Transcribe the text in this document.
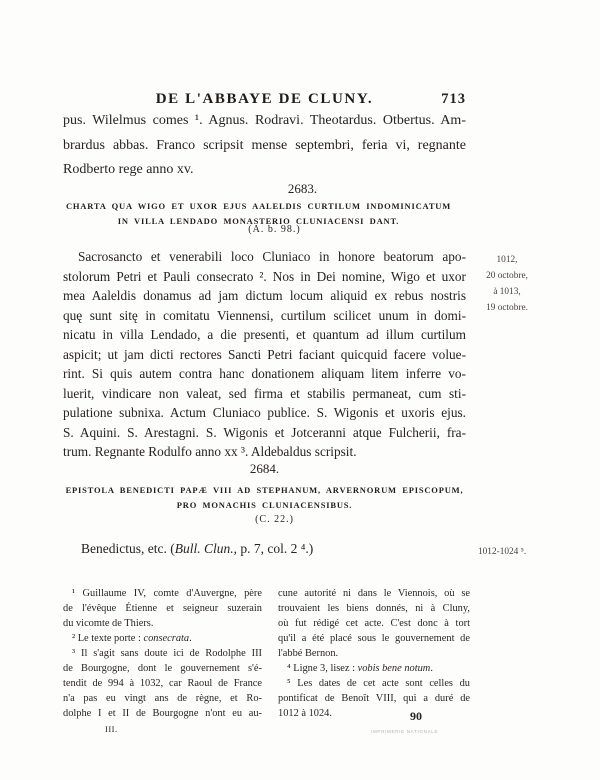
DE L'ABBAYE DE CLUNY.	713
pus. Wilelmus comes ¹. Agnus. Rodravi. Theotardus. Otbertus. Am-
brardus abbas. Franco scripsit mense septembri, feria vi, regnante
Rodberto rege anno xv.
2683.
CHARTA QUA WIGO ET UXOR EJUS AALELDIS CURTILUM INDOMINICATUM
IN VILLA LENDADO MONASTERIO CLUNIACENSI DANT.
(A. b. 98.)
1012,
20 octobre,
à 1013,
19 octobre.
Sacrosancto et venerabili loco Cluniaco in honore beatorum apo-
stolorum Petri et Pauli consecrato ². Nos in Dei nomine, Wigo et uxor
mea Aaleldis donamus ad jam dictum locum aliquid ex rebus nostris
quę sunt sitę in comitatu Viennensi, curtilum scilicet unum in domi-
nicatu in villa Lendado, a die presenti, et quantum ad illum curtilum
aspicit; ut jam dicti rectores Sancti Petri faciant quicquid facere volue-
rint. Si quis autem contra hanc donationem aliquam litem inferre vo-
luerit, vindicare non valeat, sed firma et stabilis permaneat, cum sti-
pulatione subnixa. Actum Cluniaco publice. S. Wigonis et uxoris ejus.
S. Aquini. S. Arestagni. S. Wigonis et Jotceranni atque Fulcherii, fra-
trum. Regnante Rodulfo anno xx ³. Aldebaldus scripsit.
2684.
EPISTOLA BENEDICTI PAPÆ VIII AD STEPHANUM, ARVERNORUM EPISCOPUM,
PRO MONACHIS CLUNIACENSIBUS.
(C. 22.)
Benedictus, etc. (Bull. Clun., p. 7, col. 2 ⁴.)	1012-1024 ⁵.
¹ Guillaume IV, comte d'Auvergne, père
de l'évêque Étienne et seigneur suzerain
du vicomte de Thiers.
² Le texte porte : consecrata.
³ Il s'agit sans doute ici de Rodolphe III
de Bourgogne, dont le gouvernement s'é-
tendit de 994 à 1032, car Raoul de France
n'a pas eu vingt ans de règne, et Ro-
dolphe I et II de Bourgogne n'ont eu au-
III.
cune autorité ni dans le Viennois, où se
trouvaient les biens donnés, ni à Cluny,
où fut rédigé cet acte. C'est donc à tort
qu'il a été placé sous le gouvernement de
l'abbé Bernon.
⁴ Ligne 3, lisez : vobis bene notum.
⁵ Les dates de cet acte sont celles du
pontificat de Benoît VIII, qui a duré de
1012 à 1024.	90
IMPRIMERIE NATIONALE
